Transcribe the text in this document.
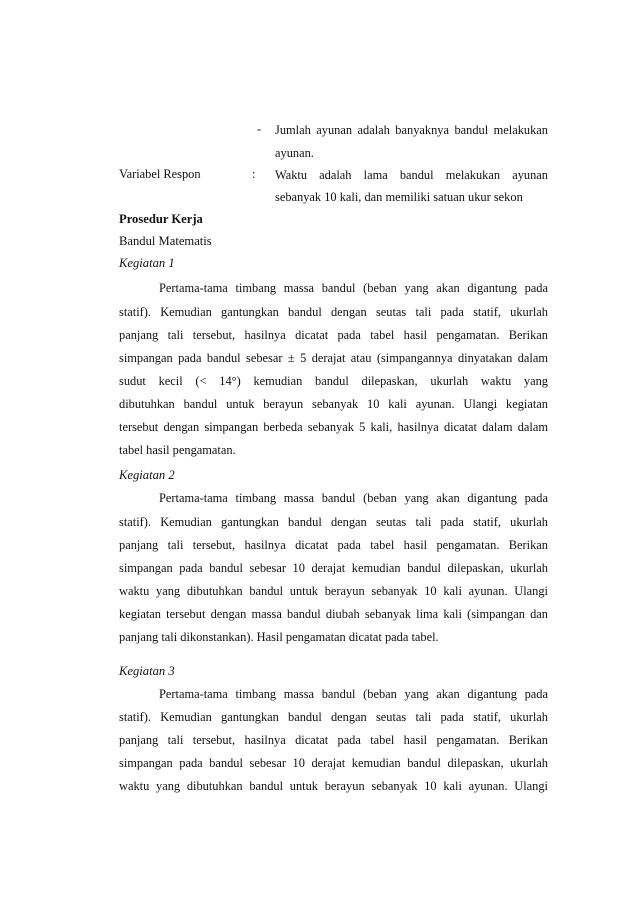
- Jumlah ayunan adalah banyaknya bandul melakukan
ayunan.
Variabel Respon	: Waktu adalah lama bandul melakukan ayunan
sebanyak 10 kali, dan memiliki satuan ukur sekon
Prosedur Kerja
Bandul Matematis
Kegiatan 1
Pertama-tama timbang massa bandul (beban yang akan digantung pada
statif). Kemudian gantungkan bandul dengan seutas tali pada statif, ukurlah
panjang tali tersebut, hasilnya dicatat pada tabel hasil pengamatan. Berikan
simpangan pada bandul sebesar ± 5 derajat atau (simpangannya dinyatakan dalam
sudut kecil (< 14°) kemudian bandul dilepaskan, ukurlah waktu yang
dibutuhkan bandul untuk berayun sebanyak 10 kali ayunan. Ulangi kegiatan
tersebut dengan simpangan berbeda sebanyak 5 kali, hasilnya dicatat dalam dalam
tabel hasil pengamatan.
Kegiatan 2
Pertama-tama timbang massa bandul (beban yang akan digantung pada
statif). Kemudian gantungkan bandul dengan seutas tali pada statif, ukurlah
panjang tali tersebut, hasilnya dicatat pada tabel hasil pengamatan. Berikan
simpangan pada bandul sebesar 10 derajat kemudian bandul dilepaskan, ukurlah
waktu yang dibutuhkan bandul untuk berayun sebanyak 10 kali ayunan. Ulangi
kegiatan tersebut dengan massa bandul diubah sebanyak lima kali (simpangan dan
panjang tali dikonstankan). Hasil pengamatan dicatat pada tabel.
Kegiatan 3
Pertama-tama timbang massa bandul (beban yang akan digantung pada
statif). Kemudian gantungkan bandul dengan seutas tali pada statif, ukurlah
panjang tali tersebut, hasilnya dicatat pada tabel hasil pengamatan. Berikan
simpangan pada bandul sebesar 10 derajat kemudian bandul dilepaskan, ukurlah
waktu yang dibutuhkan bandul untuk berayun sebanyak 10 kali ayunan. Ulangi
